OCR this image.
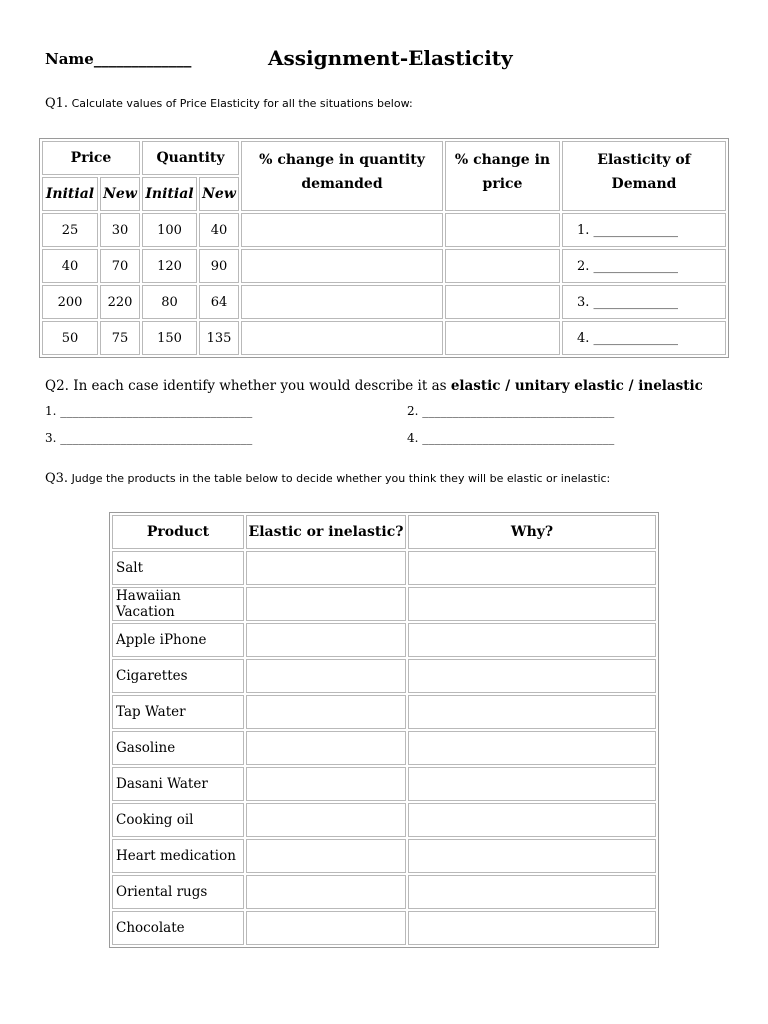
Name_____________	Assignment-Elasticity
Q1. Calculate values of Price Elasticity for all the situations below:
Price		Quantity		% change in quantity demanded	% change in price	Elasticity of Demand
Initial	New	Initial	New			
25	30	100	40			1. _____________
40	70	120	90			2. _____________
200	220	80	64			3. _____________
50	75	150	135			4. _____________
Q2. In each case identify whether you would describe it as elastic / unitary elastic / inelastic
1. ________________________________	2. ________________________________
3. ________________________________	4. ________________________________
Q3. Judge the products in the table below to decide whether you think they will be elastic or inelastic:
Product	Elastic or inelastic?	Why?
Salt		
Hawaiian Vacation		
Apple iPhone		
Cigarettes		
Tap Water		
Gasoline		
Dasani Water		
Cooking oil		
Heart medication		
Oriental rugs		
Chocolate		
